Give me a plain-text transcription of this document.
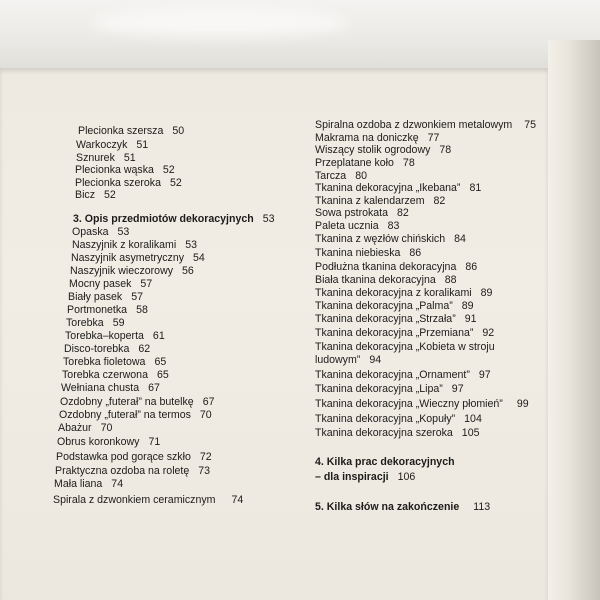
Plecionka szersza 50
Warkoczyk 51
Sznurek 51
Plecionka wąska 52
Plecionka szeroka 52
Bicz 52
3. Opis przedmiotów dekoracyjnych 53
Opaska 53
Naszyjnik z koralikami 53
Naszyjnik asymetryczny 54
Naszyjnik wieczorowy 56
Mocny pasek 57
Biały pasek 57
Portmonetka 58
Torebka 59
Torebka–koperta 61
Disco-torebka 62
Torebka fioletowa 65
Torebka czerwona 65
Wełniana chusta 67
Ozdobny „futerał” na butelkę 67
Ozdobny „futerał” na termos 70
Abażur 70
Obrus koronkowy 71
Podstawka pod gorące szkło 72
Praktyczna ozdoba na roletę 73
Mała liana 74
Spirala z dzwonkiem ceramicznym 74
Spiralna ozdoba z dzwonkiem metalowym 75
Makrama na doniczkę 77
Wiszący stolik ogrodowy 78
Przeplatane koło 78
Tarcza 80
Tkanina dekoracyjna „Ikebana” 81
Tkanina z kalendarzem 82
Sowa pstrokata 82
Paleta ucznia 83
Tkanina z węzłów chińskich 84
Tkanina niebieska 86
Podłużna tkanina dekoracyjna 86
Biała tkanina dekoracyjna 88
Tkanina dekoracyjna z koralikami 89
Tkanina dekoracyjna „Palma” 89
Tkanina dekoracyjna „Strzała” 91
Tkanina dekoracyjna „Przemiana” 92
Tkanina dekoracyjna „Kobieta w stroju
ludowym” 94
Tkanina dekoracyjna „Ornament” 97
Tkanina dekoracyjna „Lipa” 97
Tkanina dekoracyjna „Wieczny płomień” 99
Tkanina dekoracyjna „Kopuły” 104
Tkanina dekoracyjna szeroka 105
4. Kilka prac dekoracyjnych
– dla inspiracji 106
5. Kilka słów na zakończenie 113
